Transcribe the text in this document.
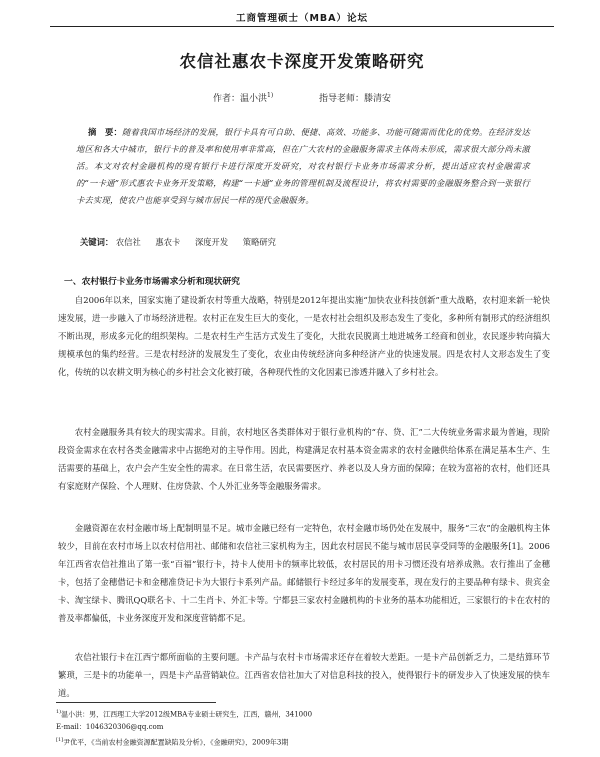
工商管理硕士（MBA）论坛
农信社惠农卡深度开发策略研究
作者：温小洪$^{1)}$	指导老师：滕清安
摘　要：随着我国市场经济的发展，银行卡具有可自助、便捷、高效、功能多、功能可随需而优化的优势。在经济发达地区和各大中城市，银行卡的普及率和使用率非常高，但在广大农村的金融服务需求主体尚未形成，需求很大部分尚未激活。本文对农村金融机构的现有银行卡进行深度开发研究，对农村银行卡业务市场需求分析，提出适应农村金融需求的“一卡通”形式惠农卡业务开发策略，构建“一卡通”业务的管理机制及流程设计，将农村需要的金融服务整合到一张银行卡去实现，使农户也能享受到与城市居民一样的现代金融服务。
关键词： 农信社 惠农卡 深度开发 策略研究
一、农村银行卡业务市场需求分析和现状研究

自2006年以来，国家实施了建设新农村等重大战略，特别是2012年提出实施“加快农业科技创新”重大战略，农村迎来新一轮快速发展，进一步融入了市场经济进程。农村正在发生巨大的变化，一是农村社会组织及形态发生了变化，多种所有制形式的经济组织不断出现，形成多元化的组织架构。二是农村生产生活方式发生了变化，大批农民脱离土地进城务工经商和创业，农民逐步转向搞大规模承包的集约经营。三是农村经济的发展发生了变化，农业由传统经济向多种经济产业的快速发展。四是农村人文形态发生了变化，传统的以农耕文明为核心的乡村社会文化被打破，各种现代性的文化因素已渗透并融入了乡村社会。

农村金融服务具有较大的现实需求。目前，农村地区各类群体对于银行业机构的“存、贷、汇”二大传统业务需求最为普遍，现阶段资金需求在农村各类金融需求中占据绝对的主导作用。因此，构建满足农村基本资金需求的农村金融供给体系在满足基本生产、生活需要的基础上，农户会产生安全性的需求。在日常生活，农民需要医疗、养老以及人身方面的保障；在较为富裕的农村，他们还具有家庭财产保险、个人理财、住房贷款、个人外汇业务等金融服务需求。

金融资源在农村金融市场上配制明显不足。城市金融已经有一定特色，农村金融市场仍处在发展中，服务“三农”的金融机构主体较少，目前在农村市场上以农村信用社、邮储和农信社三家机构为主，因此农村居民不能与城市居民享受同等的金融服务[1]。2006年江西省农信社推出了第一张“百福”银行卡，持卡人使用卡的频率比较低，农村居民的用卡习惯还没有培养成熟。农行推出了金穗卡，包括了金穗借记卡和金穗准贷记卡为大银行卡系列产品。邮储银行卡经过多年的发展变革，现在发行的主要品种有绿卡、贵宾金卡、淘宝绿卡、腾讯QQ联名卡、十二生肖卡、外汇卡等。宁都县三家农村金融机构的卡业务的基本功能相近，三家银行的卡在农村的普及率都偏低，卡业务深度开发和深度营销都不足。

农信社银行卡在江西宁都所面临的主要问题。卡产品与农村卡市场需求还存在着较大差距。一是卡产品创新乏力，二是结算环节繁琐，三是卡的功能单一，四是卡产品营销缺位。江西省农信社加大了对信息科技的投入，使得银行卡的研发步入了快速发展的快车道。

$^{1)}$温小洪：男，江西理工大学2012级MBA专业硕士研究生，江西，赣州，341000
E-mail：1046320306@qq.com
[1]尹优平，《当前农村金融资源配置缺陷及分析》，《金融研究》，2009年3期
